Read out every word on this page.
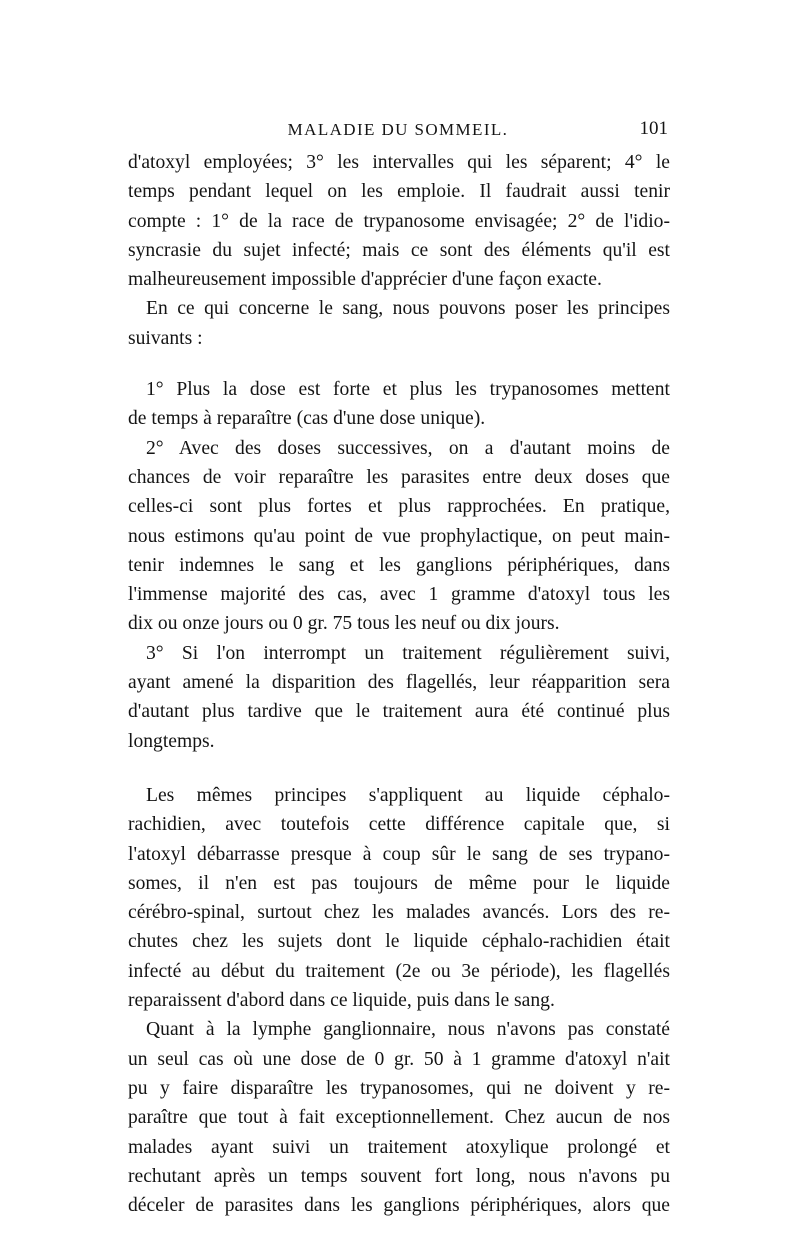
MALADIE DU SOMMEIL.	101

d'atoxyl employées; 3° les intervalles qui les séparent; 4° le

temps pendant lequel on les emploie. Il faudrait aussi tenir

compte : 1° de la race de trypanosome envisagée; 2° de l'idio-

syncrasie du sujet infecté; mais ce sont des éléments qu'il est

malheureusement impossible d'apprécier d'une façon exacte.

En ce qui concerne le sang, nous pouvons poser les principes

suivants :

1° Plus la dose est forte et plus les trypanosomes mettent

de temps à reparaître (cas d'une dose unique).

2° Avec des doses successives, on a d'autant moins de

chances de voir reparaître les parasites entre deux doses que

celles-ci sont plus fortes et plus rapprochées. En pratique,

nous estimons qu'au point de vue prophylactique, on peut main-

tenir indemnes le sang et les ganglions périphériques, dans

l'immense majorité des cas, avec 1 gramme d'atoxyl tous les

dix ou onze jours ou 0 gr. 75 tous les neuf ou dix jours.

3° Si l'on interrompt un traitement régulièrement suivi,

ayant amené la disparition des flagellés, leur réapparition sera

d'autant plus tardive que le traitement aura été continué plus

longtemps.

Les mêmes principes s'appliquent au liquide céphalo-

rachidien, avec toutefois cette différence capitale que, si

l'atoxyl débarrasse presque à coup sûr le sang de ses trypano-

somes, il n'en est pas toujours de même pour le liquide

cérébro-spinal, surtout chez les malades avancés. Lors des re-

chutes chez les sujets dont le liquide céphalo-rachidien était

infecté au début du traitement (2e ou 3e période), les flagellés

reparaissent d'abord dans ce liquide, puis dans le sang.

Quant à la lymphe ganglionnaire, nous n'avons pas constaté

un seul cas où une dose de 0 gr. 50 à 1 gramme d'atoxyl n'ait

pu y faire disparaître les trypanosomes, qui ne doivent y re-

paraître que tout à fait exceptionnellement. Chez aucun de nos

malades ayant suivi un traitement atoxylique prolongé et

rechutant après un temps souvent fort long, nous n'avons pu

déceler de parasites dans les ganglions périphériques, alors que
